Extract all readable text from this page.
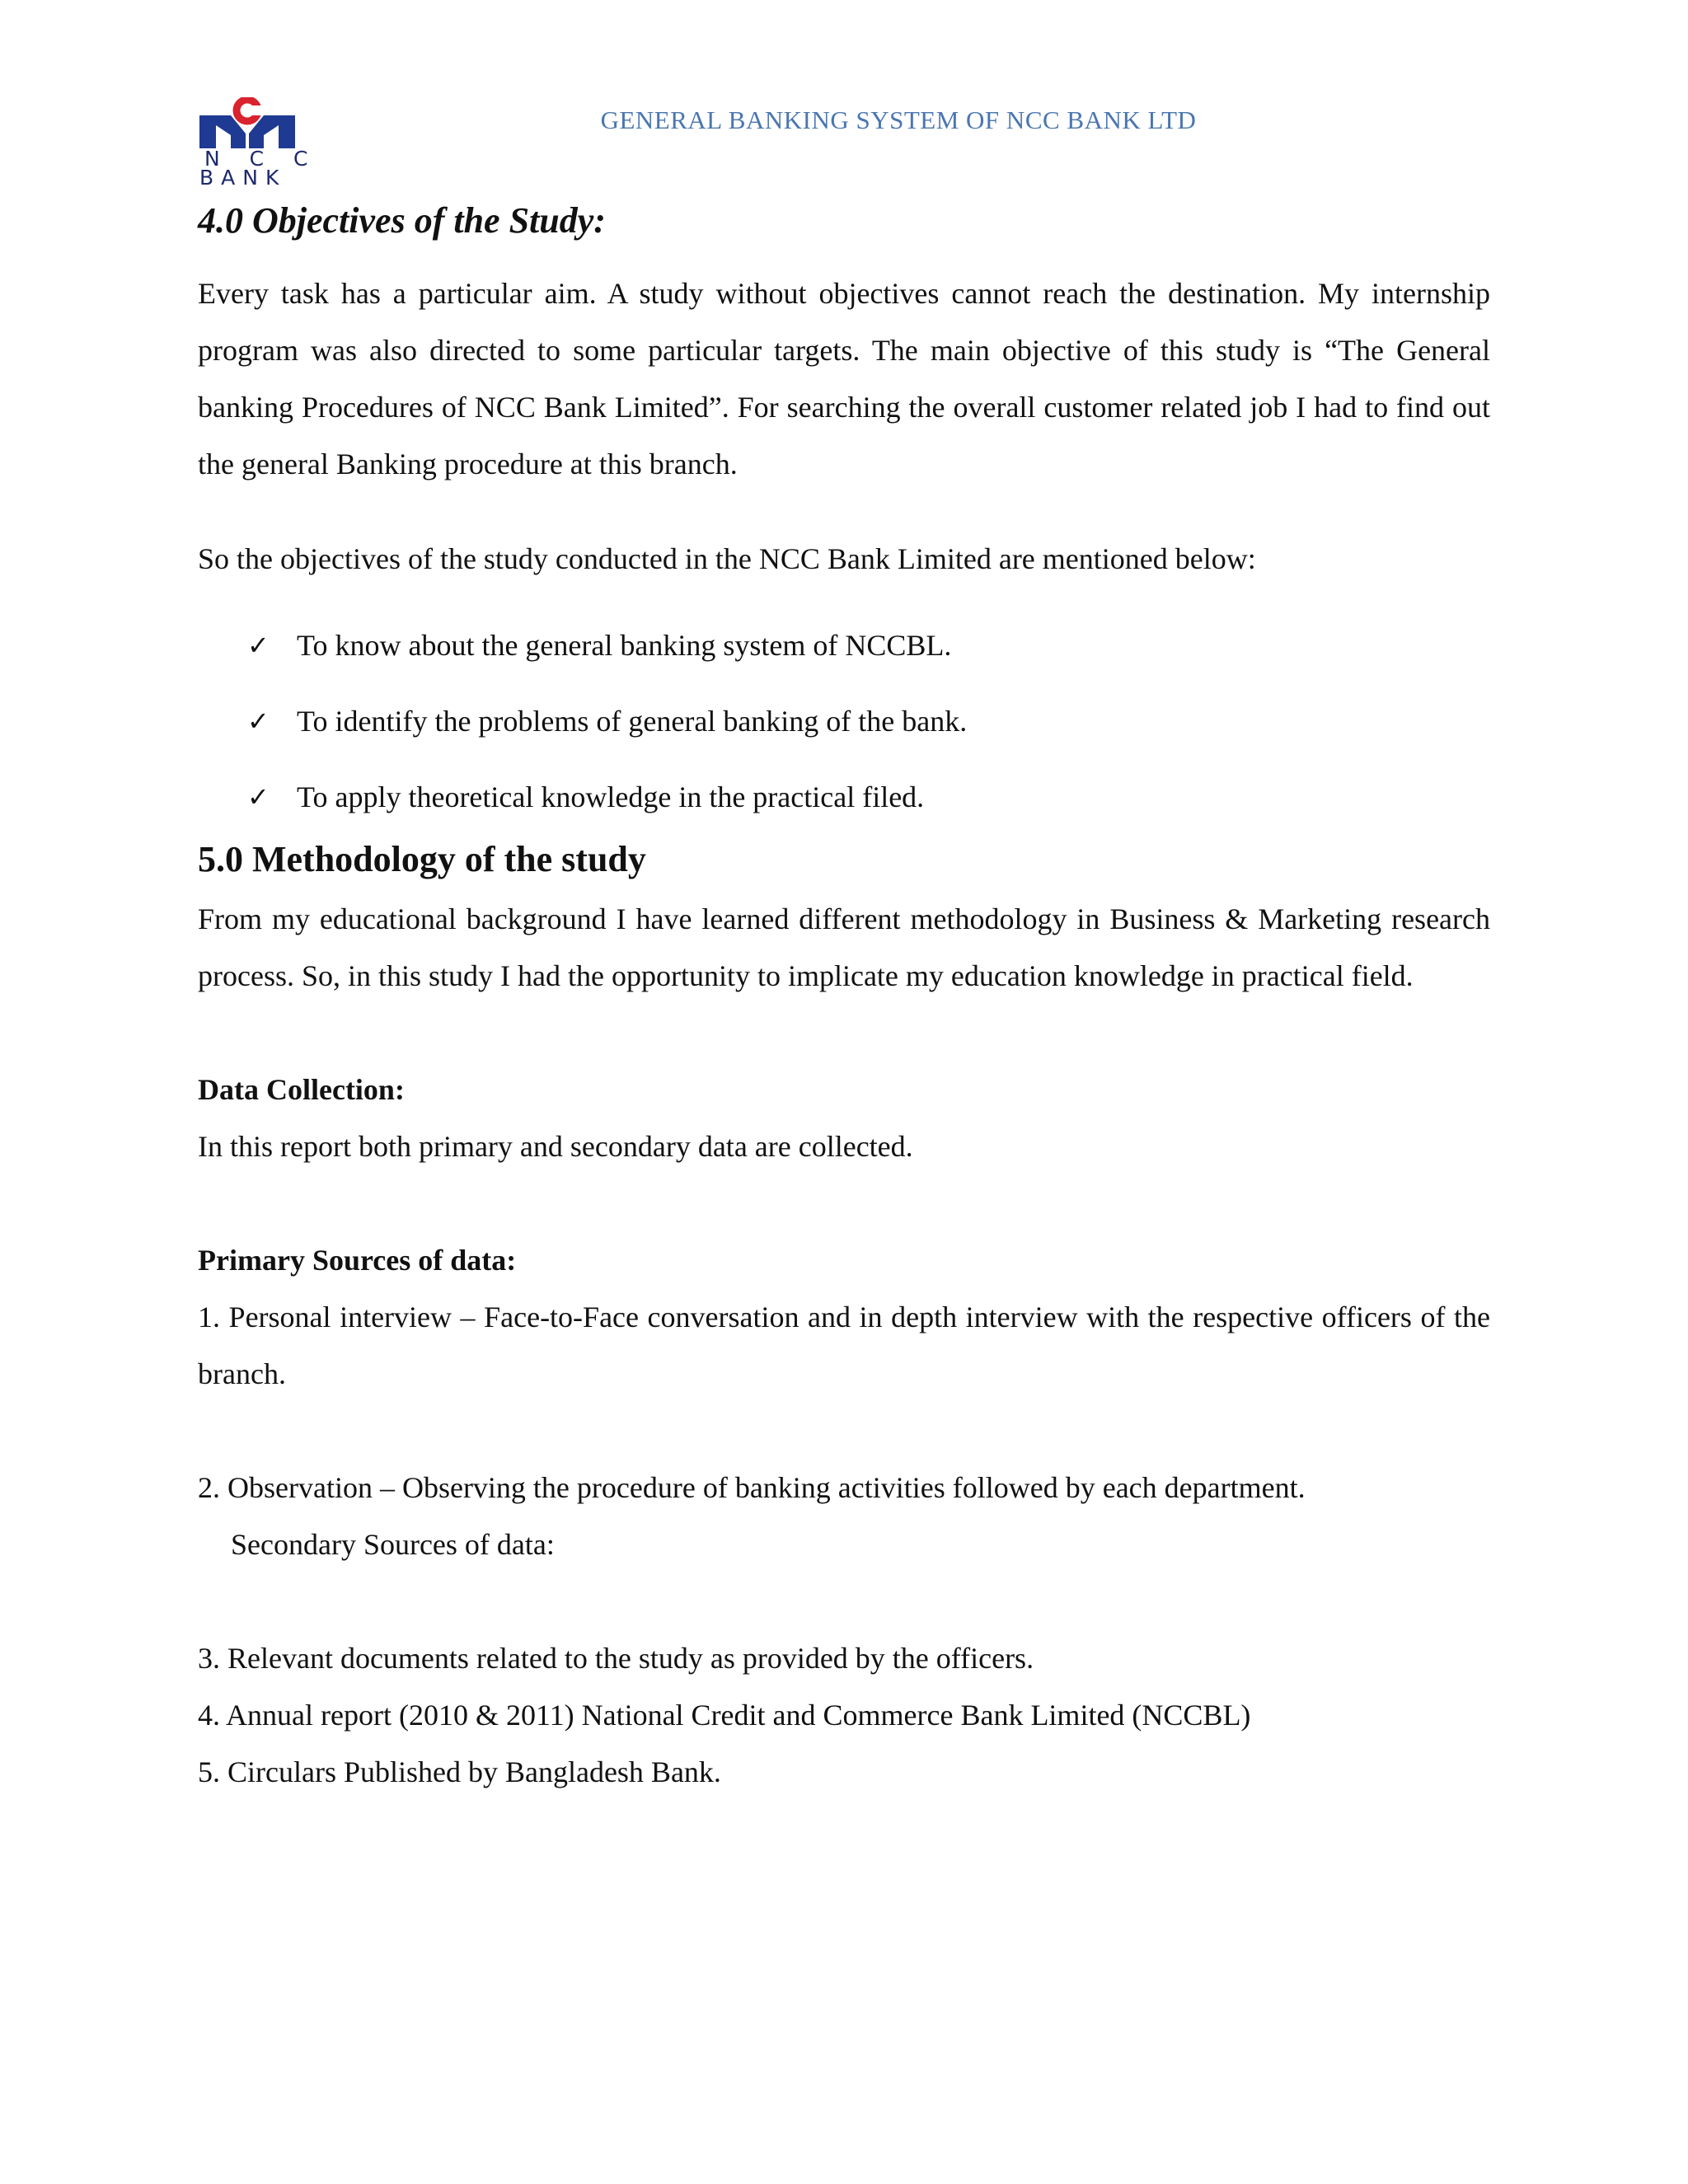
N C C
BANK
GENERAL BANKING SYSTEM OF NCC BANK LTD
4.0 Objectives of the Study:

Every task has a particular aim. A study without objectives cannot reach the destination. My internship program was also directed to some particular targets. The main objective of this study is “The General banking Procedures of NCC Bank Limited”. For searching the overall customer related job I had to find out the general Banking procedure at this branch.

So the objectives of the study conducted in the NCC Bank Limited are mentioned below:

✓ To know about the general banking system of NCCBL.
✓ To identify the problems of general banking of the bank.
✓ To apply theoretical knowledge in the practical filed.
5.0 Methodology of the study

From my educational background I have learned different methodology in Business & Marketing research process. So, in this study I had the opportunity to implicate my education knowledge in practical field.

Data Collection:

In this report both primary and secondary data are collected.

Primary Sources of data:

1. Personal interview – Face-to-Face conversation and in depth interview with the respective officers of the branch.

2. Observation – Observing the procedure of banking activities followed by each department.

Secondary Sources of data:

3. Relevant documents related to the study as provided by the officers.

4. Annual report (2010 & 2011) National Credit and Commerce Bank Limited (NCCBL)

5. Circulars Published by Bangladesh Bank.
